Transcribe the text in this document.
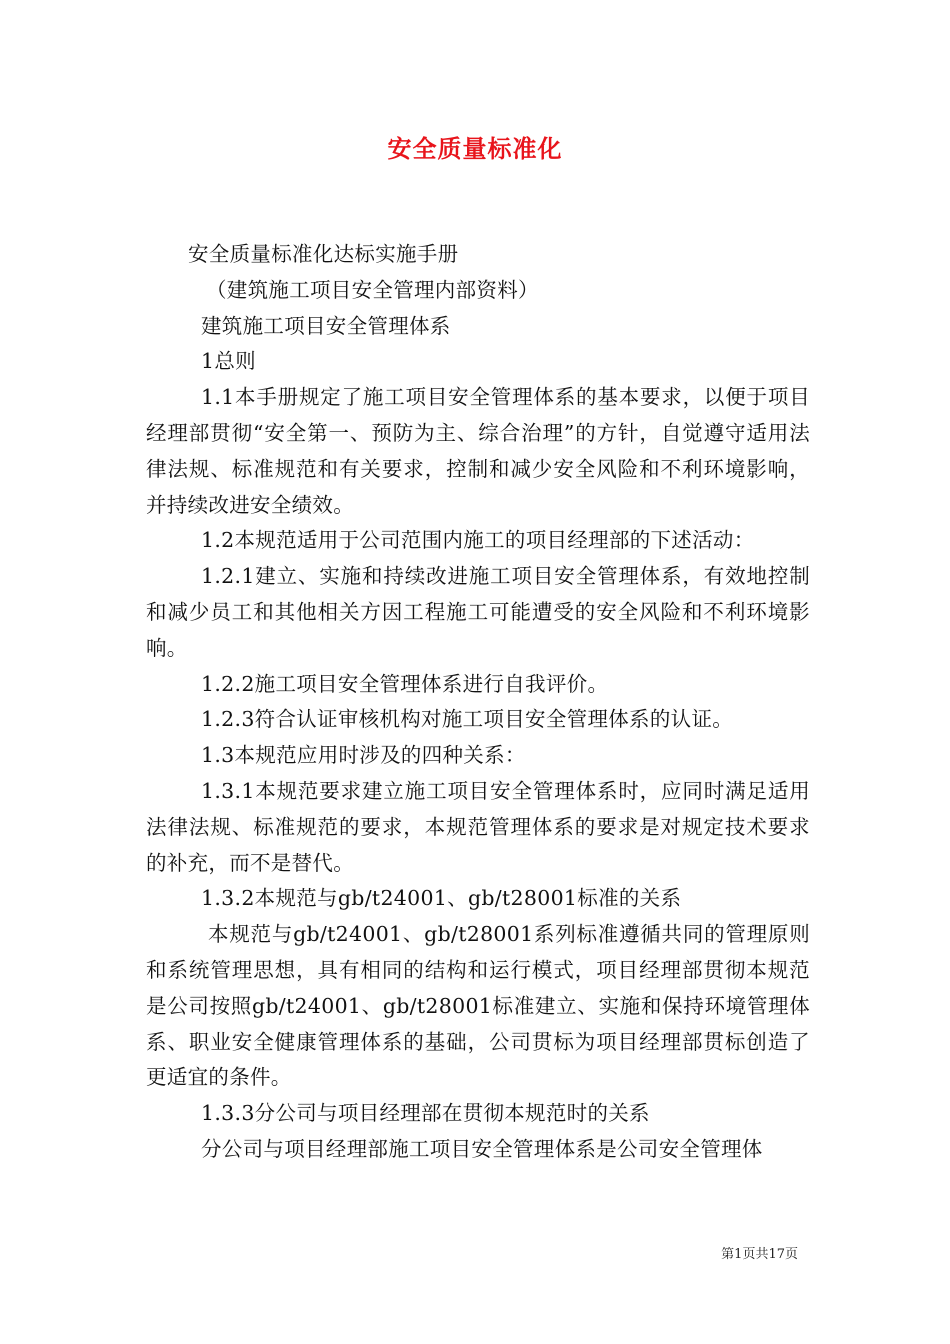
安全质量标准化

安全质量标准化达标实施手册

（建筑施工项目安全管理内部资料）

建筑施工项目安全管理体系

1总则

1.1本手册规定了施工项目安全管理体系的基本要求，以便于项目经理部贯彻“安全第一、预防为主、综合治理”的方针，自觉遵守适用法律法规、标准规范和有关要求，控制和减少安全风险和不利环境影响，并持续改进安全绩效。

1.2本规范适用于公司范围内施工的项目经理部的下述活动：

1.2.1建立、实施和持续改进施工项目安全管理体系，有效地控制和减少员工和其他相关方因工程施工可能遭受的安全风险和不利环境影响。

1.2.2施工项目安全管理体系进行自我评价。

1.2.3符合认证审核机构对施工项目安全管理体系的认证。

1.3本规范应用时涉及的四种关系：

1.3.1本规范要求建立施工项目安全管理体系时，应同时满足适用法律法规、标准规范的要求，本规范管理体系的要求是对规定技术要求的补充，而不是替代。

1.3.2本规范与gb/t24001、gb/t28001标准的关系

本规范与gb/t24001、gb/t28001系列标准遵循共同的管理原则和系统管理思想，具有相同的结构和运行模式，项目经理部贯彻本规范是公司按照gb/t24001、gb/t28001标准建立、实施和保持环境管理体系、职业安全健康管理体系的基础，公司贯标为项目经理部贯标创造了更适宜的条件。

1.3.3分公司与项目经理部在贯彻本规范时的关系

分公司与项目经理部施工项目安全管理体系是公司安全管理体

第1页共17页
